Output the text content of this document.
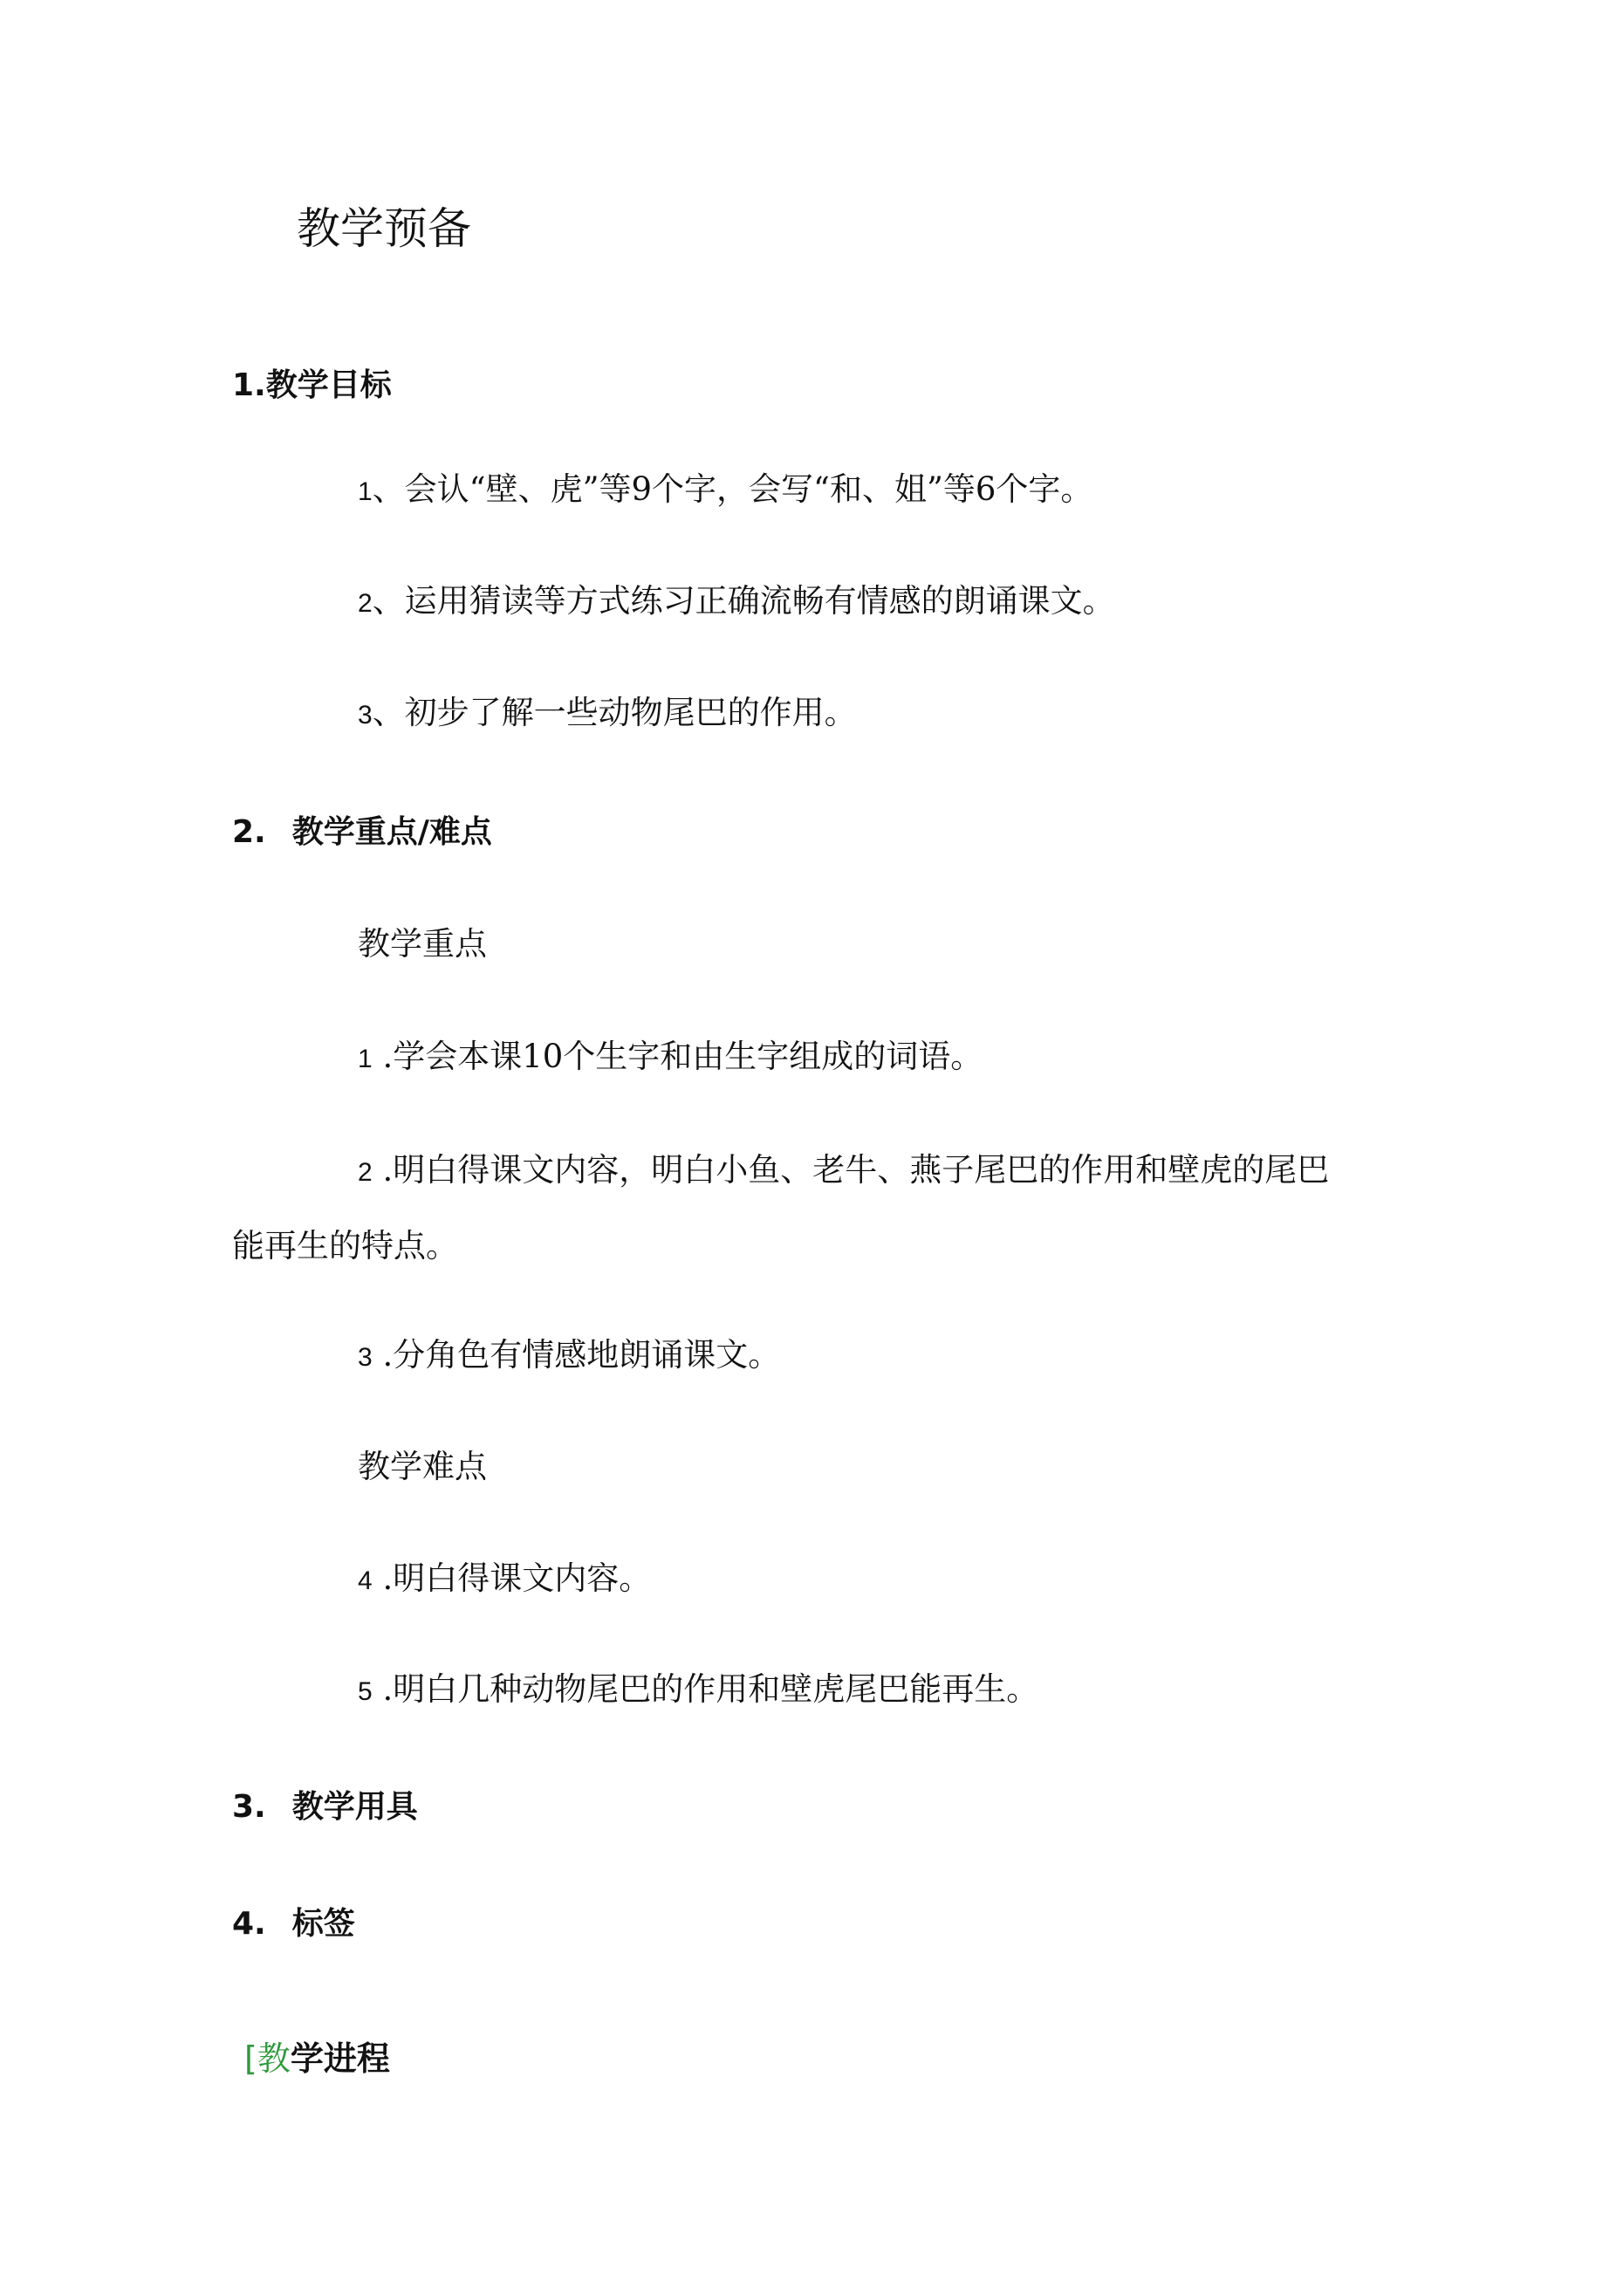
教学预备
1.教学目标
1、会认“壁、虎”等9个字，会写“和、姐”等6个字。
2、运用猜读等方式练习正确流畅有情感的朗诵课文。
3、初步了解一些动物尾巴的作用。
2. 教学重点/难点
教学重点
1 .学会本课10个生字和由生字组成的词语。
2 .明白得课文内容，明白小鱼、老牛、燕子尾巴的作用和壁虎的尾巴
能再生的特点。
3 .分角色有情感地朗诵课文。
教学难点
4 .明白得课文内容。
5 .明白几种动物尾巴的作用和壁虎尾巴能再生。
3. 教学用具
4. 标签
[教学进程
